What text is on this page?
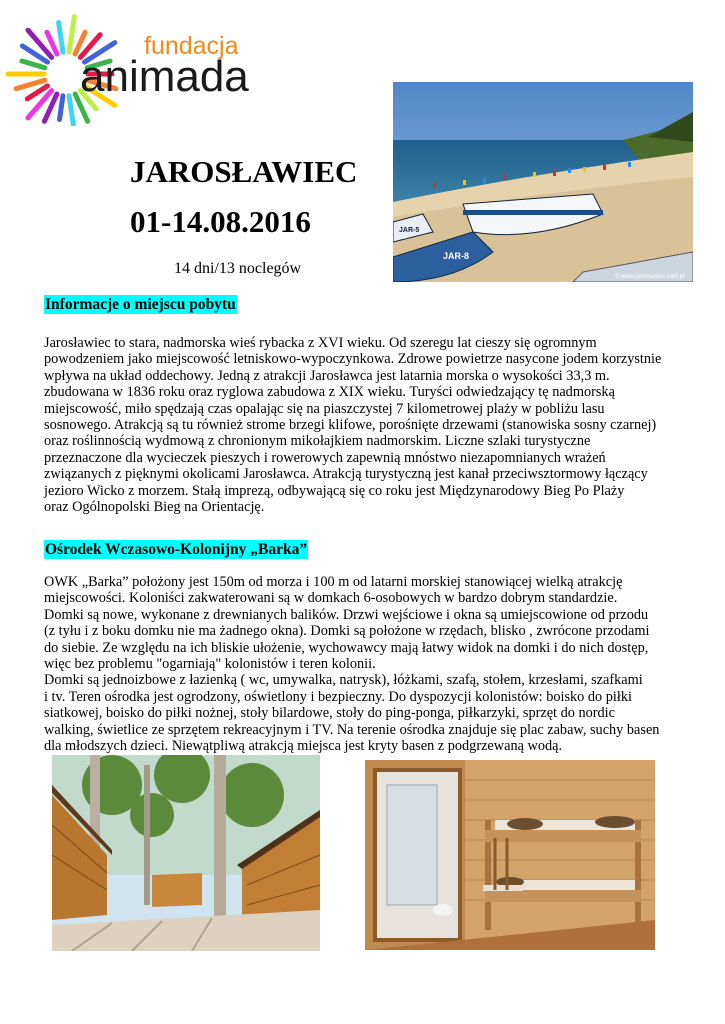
fundacja
animada
JAROSŁAWIEC
01-14.08.2016
14 dni/13 noclegów
JAR-8
JAR-5
© www.jaroslawiec.com.pl
Informacje o miejscu pobytu
Jarosławiec to stara, nadmorska wieś rybacka z XVI wieku. Od szeregu lat cieszy się ogromnym
powodzeniem jako miejscowość letniskowo-wypoczynkowa. Zdrowe powietrze nasycone jodem korzystnie
wpływa na układ oddechowy. Jedną z atrakcji Jarosławca jest latarnia morska o wysokości 33,3 m.
zbudowana w 1836 roku oraz ryglowa zabudowa z XIX wieku. Turyści odwiedzający tę nadmorską
miejscowość, miło spędzają czas opalając się na piaszczystej 7 kilometrowej plaży w pobliżu lasu
sosnowego. Atrakcją są tu również strome brzegi klifowe, porośnięte drzewami (stanowiska sosny czarnej)
oraz roślinnością wydmową z chronionym mikołajkiem nadmorskim. Liczne szlaki turystyczne
przeznaczone dla wycieczek pieszych i rowerowych zapewnią mnóstwo niezapomnianych wrażeń
związanych z pięknymi okolicami Jarosławca. Atrakcją turystyczną jest kanał przeciwsztormowy łączący
jezioro Wicko z morzem. Stałą imprezą, odbywającą się co roku jest Międzynarodowy Bieg Po Plaży
oraz Ogólnopolski Bieg na Orientację.
Ośrodek Wczasowo-Kolonijny „Barka”
OWK „Barka” położony jest 150m od morza i 100 m od latarni morskiej stanowiącej wielką atrakcję
miejscowości. Koloniści zakwaterowani są w domkach 6-osobowych w bardzo dobrym standardzie.
Domki są nowe, wykonane z drewnianych balików. Drzwi wejściowe i okna są umiejscowione od przodu
(z tyłu i z boku domku nie ma żadnego okna). Domki są położone w rzędach, blisko , zwrócone przodami
do siebie. Ze względu na ich bliskie ułożenie, wychowawcy mają łatwy widok na domki i do nich dostęp,
więc bez problemu "ogarniają" kolonistów i teren kolonii.
Domki są jednoizbowe z łazienką ( wc, umywalka, natrysk), łóżkami, szafą, stołem, krzesłami, szafkami
i tv. Teren ośrodka jest ogrodzony, oświetlony i bezpieczny. Do dyspozycji kolonistów: boisko do piłki
siatkowej, boisko do piłki nożnej, stoły bilardowe, stoły do ping-ponga, piłkarzyki, sprzęt do nordic
walking, świetlice ze sprzętem rekreacyjnym i TV. Na terenie ośrodka znajduje się plac zabaw, suchy basen
dla młodszych dzieci. Niewątpliwą atrakcją miejsca jest kryty basen z podgrzewaną wodą.
